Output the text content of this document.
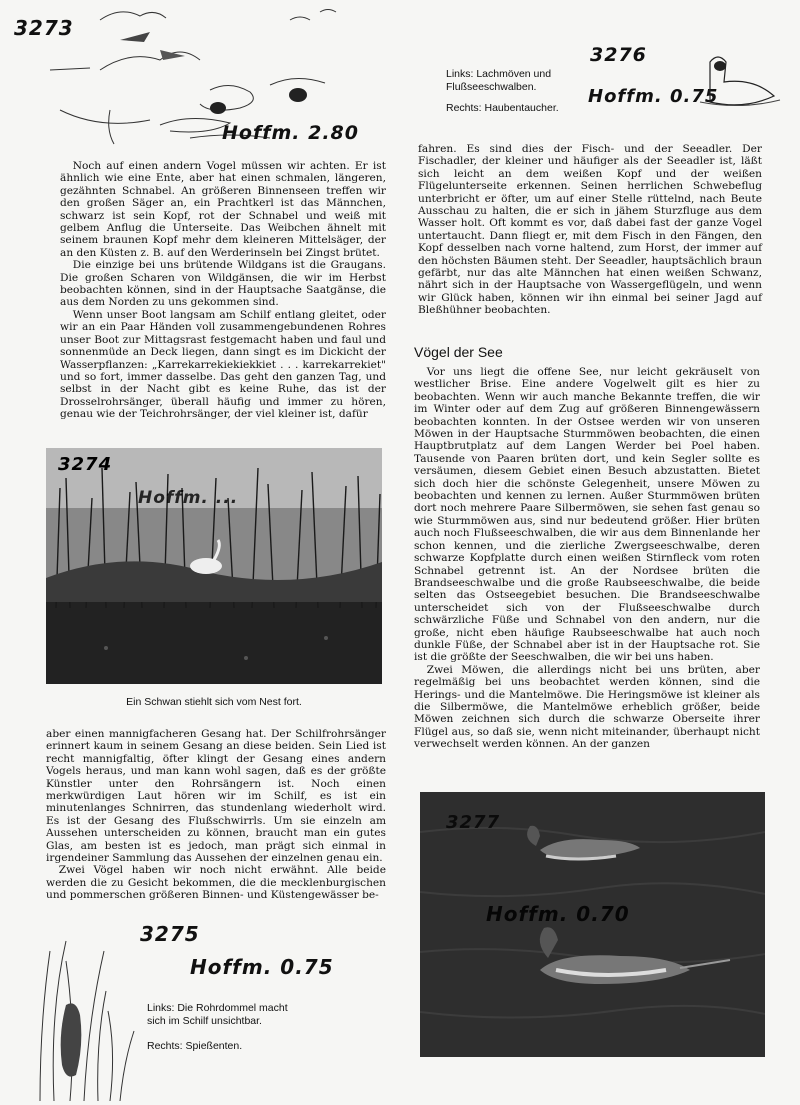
3273
Hoffm. 2.80
Links: Lachmöven und Flußseeschwalben.
Rechts: Haubentaucher.
3276
Hoffm. 0.75

Noch auf einen andern Vogel müssen wir achten. Er ist ähnlich wie eine Ente, aber hat einen schmalen, längeren, gezähnten Schnabel. An größeren Binnenseen treffen wir den großen Säger an, ein Prachtkerl ist das Männchen, schwarz ist sein Kopf, rot der Schnabel und weiß mit gelbem Anflug die Unterseite. Das Weibchen ähnelt mit seinem braunen Kopf mehr dem kleineren Mittelsäger, der an den Küsten z. B. auf den Werderinseln bei Zingst brütet.

Die einzige bei uns brütende Wildgans ist die Graugans. Die großen Scharen von Wildgänsen, die wir im Herbst beobachten können, sind in der Hauptsache Saatgänse, die aus dem Norden zu uns gekommen sind.

Wenn unser Boot langsam am Schilf entlang gleitet, oder wir an ein Paar Händen voll zusammengebundenen Rohres unser Boot zur Mittagsrast festgemacht haben und faul und sonnenmüde an Deck liegen, dann singt es im Dickicht der Wasserpflanzen: „Karrekarrekiekiekkiet . . . karrekarrekiet" und so fort, immer dasselbe. Das geht den ganzen Tag, und selbst in der Nacht gibt es keine Ruhe, das ist der Drosselrohrsänger, überall häufig und immer zu hören, genau wie der Teichrohrsänger, der viel kleiner ist, dafür

3274
Hoffm. ...
Ein Schwan stiehlt sich vom Nest fort.

aber einen mannigfacheren Gesang hat. Der Schilfrohrsänger erinnert kaum in seinem Gesang an diese beiden. Sein Lied ist recht mannigfaltig, öfter klingt der Gesang eines andern Vogels heraus, und man kann wohl sagen, daß es der größte Künstler unter den Rohrsängern ist. Noch einen merkwürdigen Laut hören wir im Schilf, es ist ein minutenlanges Schnirren, das stundenlang wiederholt wird. Es ist der Gesang des Flußschwirrls. Um sie einzeln am Aussehen unterscheiden zu können, braucht man ein gutes Glas, am besten ist es jedoch, man prägt sich einmal in irgendeiner Sammlung das Aussehen der einzelnen genau ein.

Zwei Vögel haben wir noch nicht erwähnt. Alle beide werden die zu Gesicht bekommen, die die mecklenburgischen und pommerschen größeren Binnen- und Küstengewässer be-

3275
Hoffm. 0.75
Links: Die Rohrdommel macht sich im Schilf unsichtbar.
Rechts: Spießenten.

fahren. Es sind dies der Fisch- und der Seeadler. Der Fischadler, der kleiner und häufiger als der Seeadler ist, läßt sich leicht an dem weißen Kopf und der weißen Flügelunterseite erkennen. Seinen herrlichen Schwebeflug unterbricht er öfter, um auf einer Stelle rüttelnd, nach Beute Ausschau zu halten, die er sich in jähem Sturzfluge aus dem Wasser holt. Oft kommt es vor, daß dabei fast der ganze Vogel untertaucht. Dann fliegt er, mit dem Fisch in den Fängen, den Kopf desselben nach vorne haltend, zum Horst, der immer auf den höchsten Bäumen steht. Der Seeadler, hauptsächlich braun gefärbt, nur das alte Männchen hat einen weißen Schwanz, nährt sich in der Hauptsache von Wassergeflügeln, und wenn wir Glück haben, können wir ihn einmal bei seiner Jagd auf Bleßhühner beobachten.

Vögel der See

Vor uns liegt die offene See, nur leicht gekräuselt von westlicher Brise. Eine andere Vogelwelt gilt es hier zu beobachten. Wenn wir auch manche Bekannte treffen, die wir im Winter oder auf dem Zug auf größeren Binnengewässern beobachten konnten. In der Ostsee werden wir von unseren Möwen in der Hauptsache Sturmmöwen beobachten, die einen Hauptbrutplatz auf dem Langen Werder bei Poel haben. Tausende von Paaren brüten dort, und kein Segler sollte es versäumen, diesem Gebiet einen Besuch abzustatten. Bietet sich doch hier die schönste Gelegenheit, unsere Möwen zu beobachten und kennen zu lernen. Außer Sturmmöwen brüten dort noch mehrere Paare Silbermöwen, sie sehen fast genau so wie Sturmmöwen aus, sind nur bedeutend größer. Hier brüten auch noch Flußseeschwalben, die wir aus dem Binnenlande her schon kennen, und die zierliche Zwergseeschwalbe, deren schwarze Kopfplatte durch einen weißen Stirnfleck vom roten Schnabel getrennt ist. An der Nordsee brüten die Brandseeschwalbe und die große Raubseeschwalbe, die beide selten das Ostseegebiet besuchen. Die Brandseeschwalbe unterscheidet sich von der Flußseeschwalbe durch schwärzliche Füße und Schnabel von den andern, nur die große, nicht eben häufige Raubseeschwalbe hat auch noch dunkle Füße, der Schnabel aber ist in der Hauptsache rot. Sie ist die größte der Seeschwalben, die wir bei uns haben.

Zwei Möwen, die allerdings nicht bei uns brüten, aber regelmäßig bei uns beobachtet werden können, sind die Herings- und die Mantelmöwe. Die Heringsmöwe ist kleiner als die Silbermöwe, die Mantelmöwe erheblich größer, beide Möwen zeichnen sich durch die schwarze Oberseite ihrer Flügel aus, so daß sie, wenn nicht miteinander, überhaupt nicht verwechselt werden können. An der ganzen

3277
Hoffm. 0.70
